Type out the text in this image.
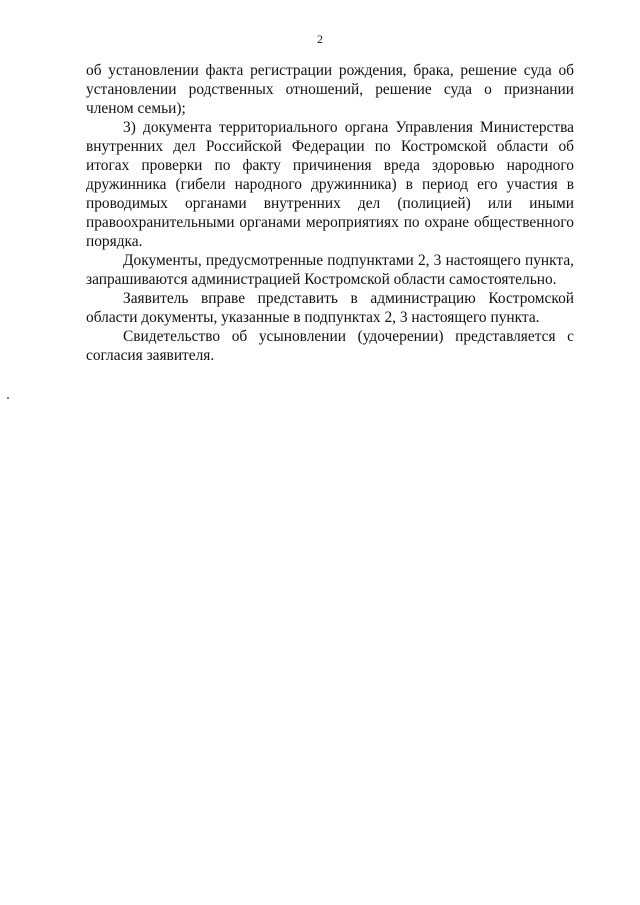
2

об установлении факта регистрации рождения, брака, решение суда об установлении родственных отношений, решение суда о признании членом семьи);

3) документа территориального органа Управления Министерства внутренних дел Российской Федерации по Костромской области об итогах проверки по факту причинения вреда здоровью народного дружинника (гибели народного дружинника) в период его участия в проводимых органами внутренних дел (полицией) или иными правоохранительными органами мероприятиях по охране общественного порядка.

Документы, предусмотренные подпунктами 2, 3 настоящего пункта, запрашиваются администрацией Костромской области самостоятельно.

Заявитель вправе представить в администрацию Костромской области документы, указанные в подпунктах 2, 3 настоящего пункта.

Свидетельство об усыновлении (удочерении) представляется с согласия заявителя.
